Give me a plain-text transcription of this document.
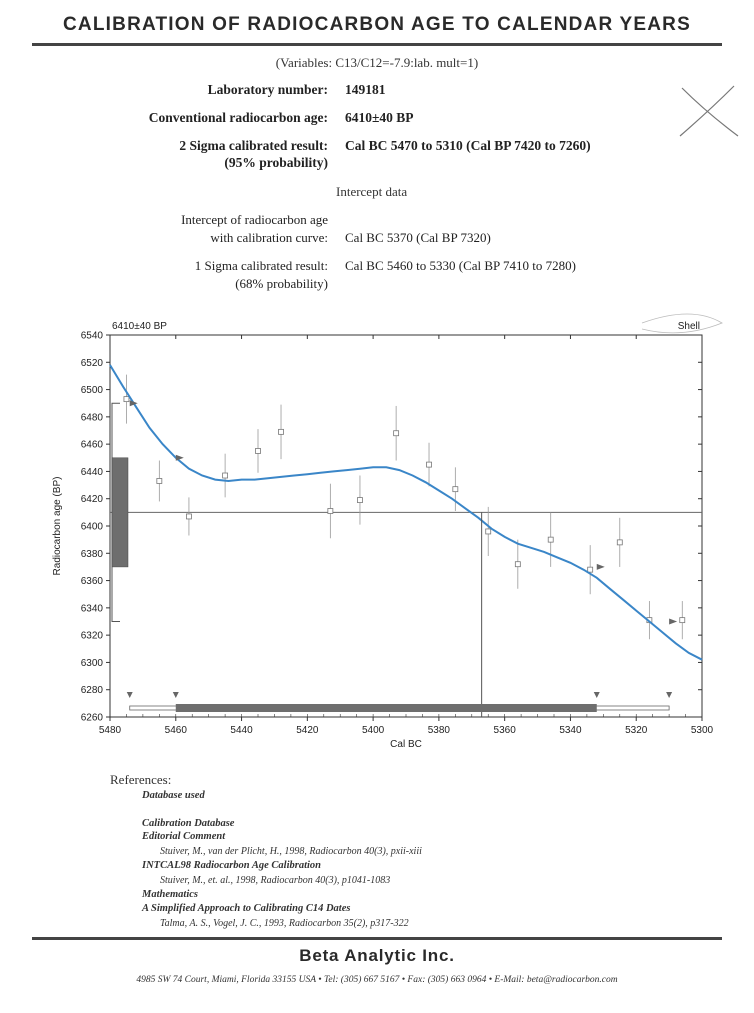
CALIBRATION OF RADIOCARBON AGE TO CALENDAR YEARS
(Variables: C13/C12=-7.9:lab. mult=1)
Laboratory number: 149181
Conventional radiocarbon age: 6410±40 BP
2 Sigma calibrated result:
(95% probability)
Cal BC 5470 to 5310 (Cal BP 7420 to 7260)
Intercept data
Intercept of radiocarbon age
with calibration curve: Cal BC 5370 (Cal BP 7320)
1 Sigma calibrated result:
(68% probability)
Cal BC 5460 to 5330 (Cal BP 7410 to 7280)
6260
6280
6300
6320
6340
6360
6380
6400
6420
6440
6460
6480
6500
6520
6540
5480	5460	5440	5420	5400	5380	5360	5340	5320	5300
Cal BC
Radiocarbon age (BP)
6410±40 BP	Shell
References:
Database used
Calibration Database
Editorial Comment
Stuiver, M., van der Plicht, H., 1998, Radiocarbon 40(3), pxii-xiii
INTCAL98 Radiocarbon Age Calibration
Stuiver, M., et. al., 1998, Radiocarbon 40(3), p1041-1083
Mathematics
A Simplified Approach to Calibrating C14 Dates
Talma, A. S., Vogel, J. C., 1993, Radiocarbon 35(2), p317-322
Beta Analytic Inc.
4985 SW 74 Court, Miami, Florida 33155 USA • Tel: (305) 667 5167 • Fax: (305) 663 0964 • E-Mail: beta@radiocarbon.com
